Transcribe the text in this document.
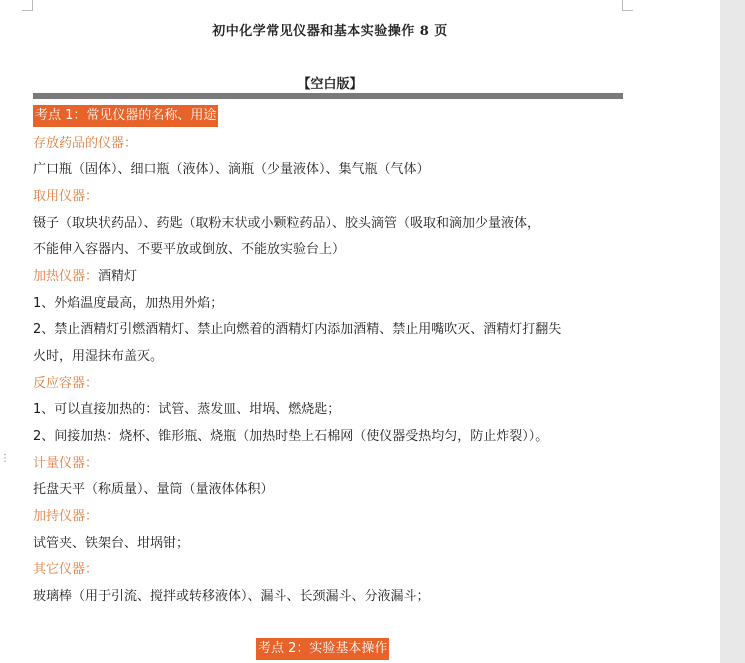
⋮
初中化学常见仪器和基本实验操作 8 页
【空白版】
考点 1：常见仪器的名称、用途
存放药品的仪器：
广口瓶（固体）、细口瓶（液体）、滴瓶（少量液体）、集气瓶（气体）
取用仪器：
镊子（取块状药品）、药匙（取粉末状或小颗粒药品）、胶头滴管（吸取和滴加少量液体，
不能伸入容器内、不要平放或倒放、不能放实验台上）
加热仪器：酒精灯
1、外焰温度最高，加热用外焰；
2、禁止酒精灯引燃酒精灯、禁止向燃着的酒精灯内添加酒精、禁止用嘴吹灭、酒精灯打翻失
火时，用湿抹布盖灭。
反应容器：
1、可以直接加热的：试管、蒸发皿、坩埚、燃烧匙；
2、间接加热：烧杯、锥形瓶、烧瓶（加热时垫上石棉网（使仪器受热均匀，防止炸裂））。
计量仪器：
托盘天平（称质量）、量筒（量液体体积）
加持仪器：
试管夹、铁架台、坩埚钳；
其它仪器：
玻璃棒（用于引流、搅拌或转移液体）、漏斗、长颈漏斗、分液漏斗；
考点 2：实验基本操作
